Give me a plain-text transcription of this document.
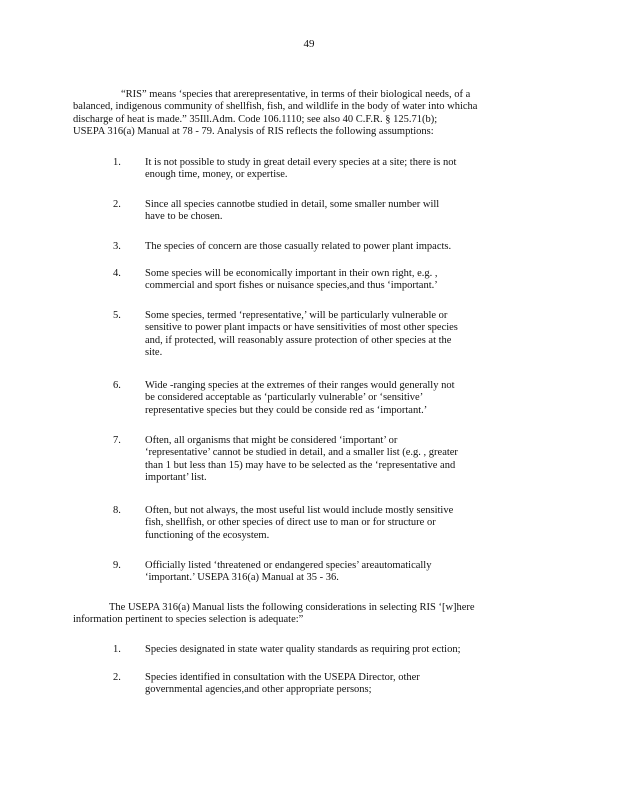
49
“RIS” means ‘species that arerepresentative, in terms of their biological needs, of a
balanced, indigenous community of shellfish, fish, and wildlife in the body of water into whicha
discharge of heat is made.” 35Ill.Adm. Code 106.1110; see also 40 C.F.R. § 125.71(b);
USEPA 316(a) Manual at 78 - 79. Analysis of RIS reflects the following assumptions:
1.	It is not possible to study in great detail every species at a site; there is not
enough time, money, or expertise.
2.	Since all species cannotbe studied in detail, some smaller number will
have to be chosen.
3.	The species of concern are those casually related to power plant impacts.
4.	Some species will be economically important in their own right, e.g. ,
commercial and sport fishes or nuisance species,and thus ‘important.’
5.	Some species, termed ‘representative,’ will be particularly vulnerable or
sensitive to power plant impacts or have sensitivities of most other species
and, if protected, will reasonably assure protection of other species at the
site.
6.	Wide -ranging species at the extremes of their ranges would generally not
be considered acceptable as ‘particularly vulnerable’ or ‘sensitive’
representative species but they could be conside red as ‘important.’
7.	Often, all organisms that might be considered ‘important’ or
‘representative’ cannot be studied in detail, and a smaller list (e.g. , greater
than 1 but less than 15) may have to be selected as the ‘representative and
important’ list.
8.	Often, but not always, the most useful list would include mostly sensitive
fish, shellfish, or other species of direct use to man or for structure or
functioning of the ecosystem.
9.	Officially listed ‘threatened or endangered species’ areautomatically
‘important.’ USEPA 316(a) Manual at 35 - 36.
The USEPA 316(a) Manual lists the following considerations in selecting RIS ‘[w]here
information pertinent to species selection is adequate:”
1.	Species designated in state water quality standards as requiring prot ection;
2.	Species identified in consultation with the USEPA Director, other
governmental agencies,and other appropriate persons;
